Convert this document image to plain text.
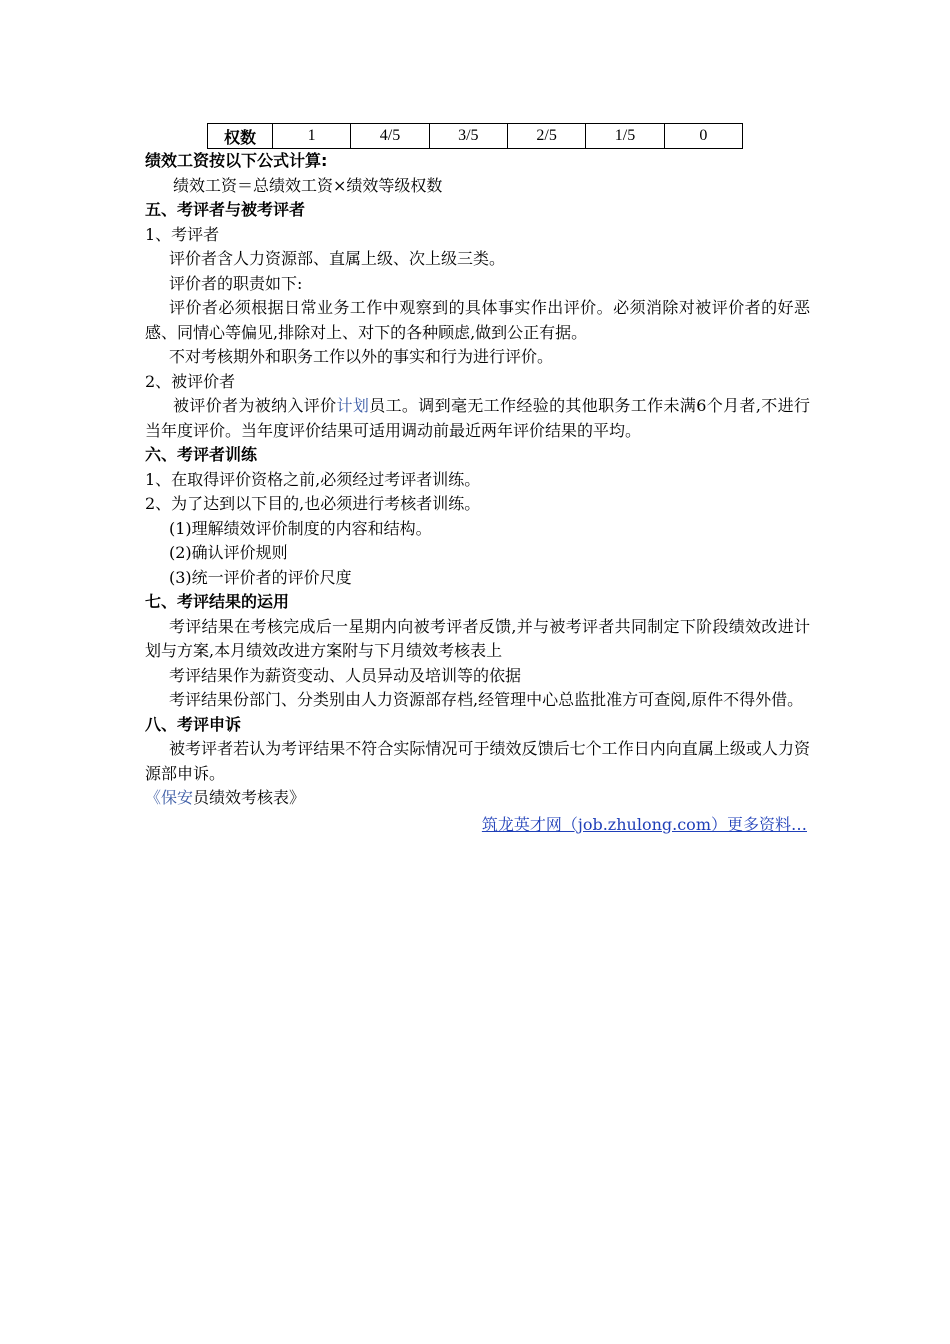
权数	1	4/5	3/5	2/5	1/5	0
绩效工资按以下公式计算:
绩效工资＝总绩效工资×绩效等级权数
五、考评者与被考评者
1、考评者
评价者含人力资源部、直属上级、次上级三类。
评价者的职责如下:
评价者必须根据日常业务工作中观察到的具体事实作出评价。必须消除对被评价者的好恶感、同情心等偏见,排除对上、对下的各种顾虑,做到公正有据。
不对考核期外和职务工作以外的事实和行为进行评价。
2、被评价者
被评价者为被纳入评价计划员工。调到毫无工作经验的其他职务工作未满6个月者,不进行当年度评价。当年度评价结果可适用调动前最近两年评价结果的平均。
六、考评者训练
1、在取得评价资格之前,必须经过考评者训练。
2、为了达到以下目的,也必须进行考核者训练。
(1)理解绩效评价制度的内容和结构。
(2)确认评价规则
(3)统一评价者的评价尺度
七、考评结果的运用
考评结果在考核完成后一星期内向被考评者反馈,并与被考评者共同制定下阶段绩效改进计划与方案,本月绩效改进方案附与下月绩效考核表上
考评结果作为薪资变动、人员异动及培训等的依据
考评结果份部门、分类别由人力资源部存档,经管理中心总监批准方可查阅,原件不得外借。
八、考评申诉
被考评者若认为考评结果不符合实际情况可于绩效反馈后七个工作日内向直属上级或人力资源部申诉。
《保安员绩效考核表》
筑龙英才网（job.zhulong.com）更多资料…
